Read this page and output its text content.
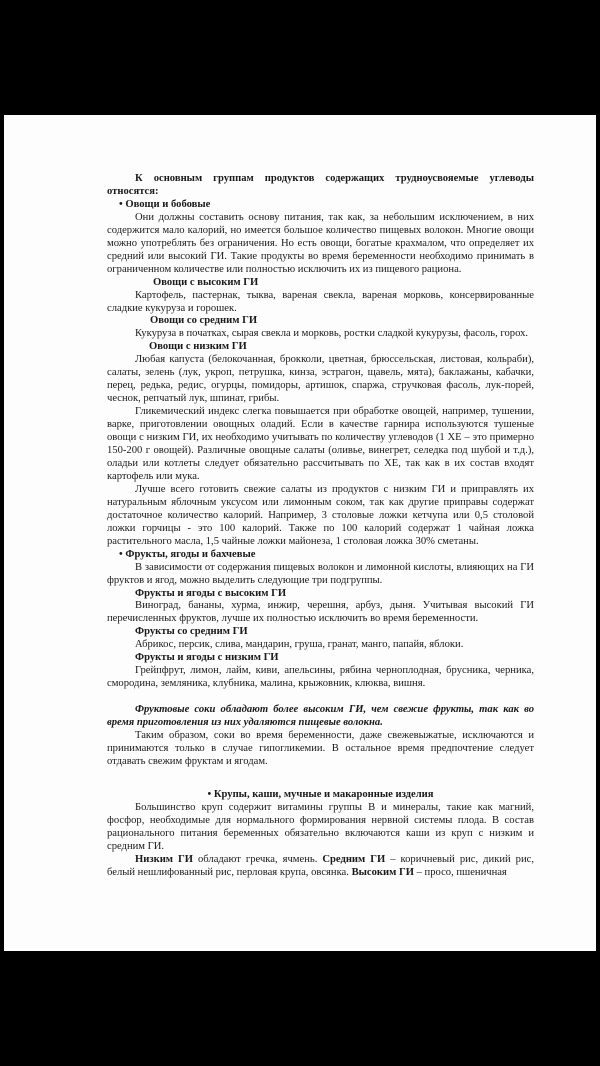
К основным группам продуктов содержащих трудноусвояемые углеводы относятся:

• Овощи и бобовые

Они должны составить основу питания, так как, за небольшим исключением, в них содержится мало калорий, но имеется большое количество пищевых волокон. Многие овощи можно употреблять без ограничения. Но есть овощи, богатые крахмалом, что определяет их средний или высокий ГИ. Такие продукты во время беременности необходимо принимать в ограниченном количестве или полностью исключить их из пищевого рациона.

Овощи с высоким ГИ

Картофель, пастернак, тыква, вареная свекла, вареная морковь, консервированные сладкие кукурузa и горошек.

Овощи со средним ГИ

Кукуруза в початках, сырая свекла и морковь, ростки сладкой кукурузы, фасоль, горох.

Овощи с низким ГИ

Любая капуста (белокочанная, брокколи, цветная, брюссельская, листовая, кольраби), салаты, зелень (лук, укроп, петрушка, кинза, эстрагон, щавель, мята), баклажаны, кабачки, перец, редька, редис, огурцы, помидоры, артишок, спаржа, стручковая фасоль, лук-порей, чеснок, репчатый лук, шпинат, грибы.

Гликемический индекс слегка повышается при обработке овощей, например, тушении, варке, приготовлении овощных оладий. Если в качестве гарнира используются тушеные овощи с низким ГИ, их необходимо учитывать по количеству углеводов (1 ХЕ – это примерно 150-200 г овощей). Различные овощные салаты (оливье, винегрет, селедка под шубой и т.д.), оладьи или котлеты следует обязательно рассчитывать по ХЕ, так как в их состав входят картофель или мука.

Лучше всего готовить свежие салаты из продуктов с низким ГИ и приправлять их натуральным яблочным уксусом или лимонным соком, так как другие приправы содержат достаточное количество калорий. Например, 3 столовые ложки кетчупа или 0,5 столовой ложки горчицы - это 100 калорий. Также по 100 калорий содержат 1 чайная ложка растительного масла, 1,5 чайные ложки майонеза, 1 столовая ложка 30% сметаны.

• Фрукты, ягоды и бахчевые

В зависимости от содержания пищевых волокон и лимонной кислоты, влияющих на ГИ фруктов и ягод, можно выделить следующие три подгруппы.

Фрукты и ягоды с высоким ГИ

Виноград, бананы, хурма, инжир, черешня, арбуз, дыня. Учитывая высокий ГИ перечисленных фруктов, лучше их полностью исключить во время беременности.

Фрукты со средним ГИ

Абрикос, персик, слива, мандарин, груша, гранат, манго, папайя, яблоки.

Фрукты и ягоды с низким ГИ

Грейпфрут, лимон, лайм, киви, апельсины, рябина черноплодная, брусника, черника, смородина, земляника, клубника, малина, крыжовник, клюква, вишня.

Фруктовые соки обладают более высоким ГИ, чем свежие фрукты, так как во время приготовления из них удаляются пищевые волокна.

Таким образом, соки во время беременности, даже свежевыжатые, исключаются и принимаются только в случае гипогликемии. В остальное время предпочтение следует отдавать свежим фруктам и ягодам.

• Крупы, каши, мучные и макаронные изделия

Большинство круп содержит витамины группы В и минералы, такие как магний, фосфор, необходимые для нормального формирования нервной системы плода. В состав рационального питания беременных обязательно включаются каши из круп с низким и средним ГИ.

Низким ГИ обладают гречка, ячмень. Средним ГИ – коричневый рис, дикий рис, белый нешлифованный рис, перловая крупа, овсянка. Высоким ГИ – просо, пшеничная
